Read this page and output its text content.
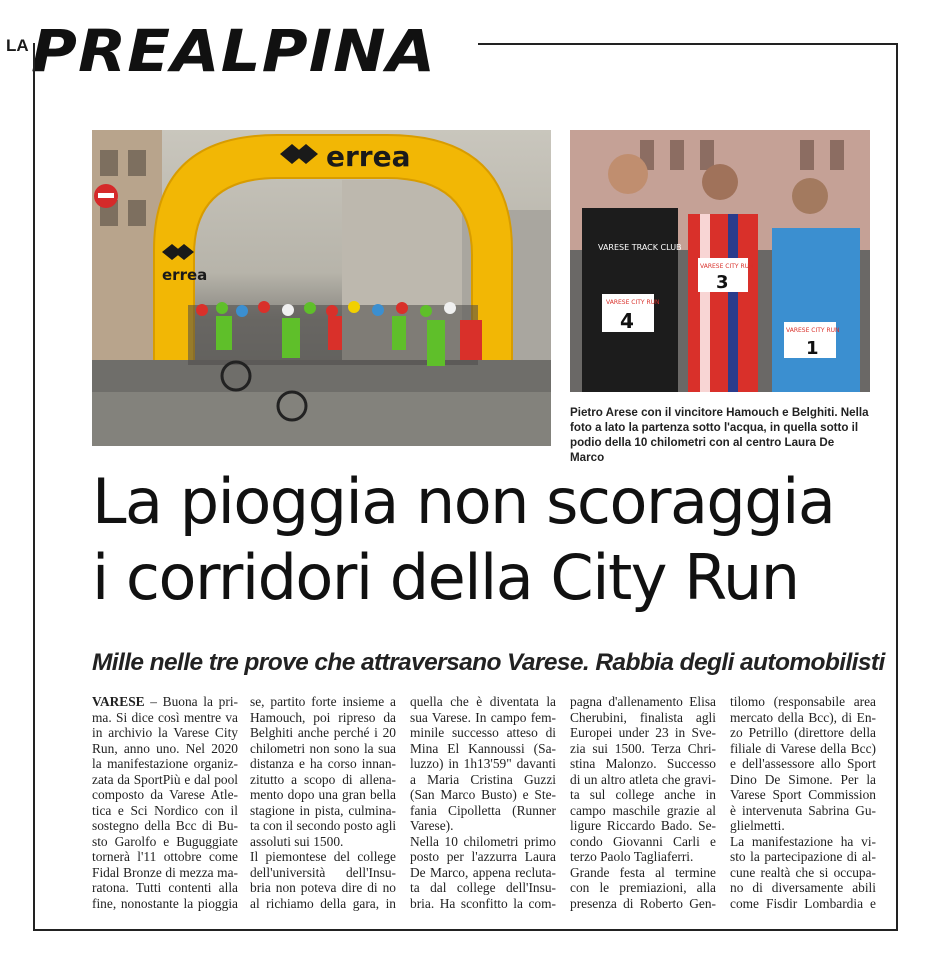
LA PREALPINA
errea
errea
VARESE TRACK CLUB
VARESE CITY RUN
4
VARESE CITY RUN
3
VARESE CITY RUN
1
Pietro Arese con il vincitore Hamouch e Belghiti. Nella foto a lato la partenza sotto l'acqua, in quella sotto il podio della 10 chilometri con al centro Laura De Marco
La pioggia non scoraggia
i corridori della City Run
Mille nelle tre prove che attraversano Varese. Rabbia degli automobilisti
VARESE – Buona la pri-
ma. Si dice così mentre va
in archivio la Varese City
Run, anno uno. Nel 2020
la manifestazione organiz-
zata da SportPiù e dal pool
composto da Varese Atle-
tica e Sci Nordico con il
sostegno della Bcc di Bu-
sto Garolfo e Buguggiate
tornerà l'11 ottobre come
Fidal Bronze di mezza ma-
ratona. Tutti contenti alla
fine, nonostante la pioggia
se, partito forte insieme a
Hamouch, poi ripreso da
Belghiti anche perché i 20
chilometri non sono la sua
distanza e ha corso innan-
zitutto a scopo di allena-
mento dopo una gran bella
stagione in pista, culmina-
ta con il secondo posto agli
assoluti sui 1500.
Il piemontese del college
dell'università dell'Insu-
bria non poteva dire di no
al richiamo della gara, in
quella che è diventata la
sua Varese. In campo fem-
minile successo atteso di
Mina El Kannoussi (Sa-
luzzo) in 1h13'59" davanti
a Maria Cristina Guzzi
(San Marco Busto) e Ste-
fania Cipolletta (Runner
Varese).
Nella 10 chilometri primo
posto per l'azzurra Laura
De Marco, appena recluta-
ta dal college dell'Insu-
bria. Ha sconfitto la com-
pagna d'allenamento Elisa
Cherubini, finalista agli
Europei under 23 in Sve-
zia sui 1500. Terza Chri-
stina Malonzo. Successo
di un altro atleta che gravi-
ta sul college anche in
campo maschile grazie al
ligure Riccardo Bado. Se-
condo Giovanni Carli e
terzo Paolo Tagliaferri.
Grande festa al termine
con le premiazioni, alla
presenza di Roberto Gen-
tilomo (responsabile area
mercato della Bcc), di En-
zo Petrillo (direttore della
filiale di Varese della Bcc)
e dell'assessore allo Sport
Dino De Simone. Per la
Varese Sport Commission
è intervenuta Sabrina Gu-
glielmetti.
La manifestazione ha vi-
sto la partecipazione di al-
cune realtà che si occupa-
no di diversamente abili
come Fisdir Lombardia e
